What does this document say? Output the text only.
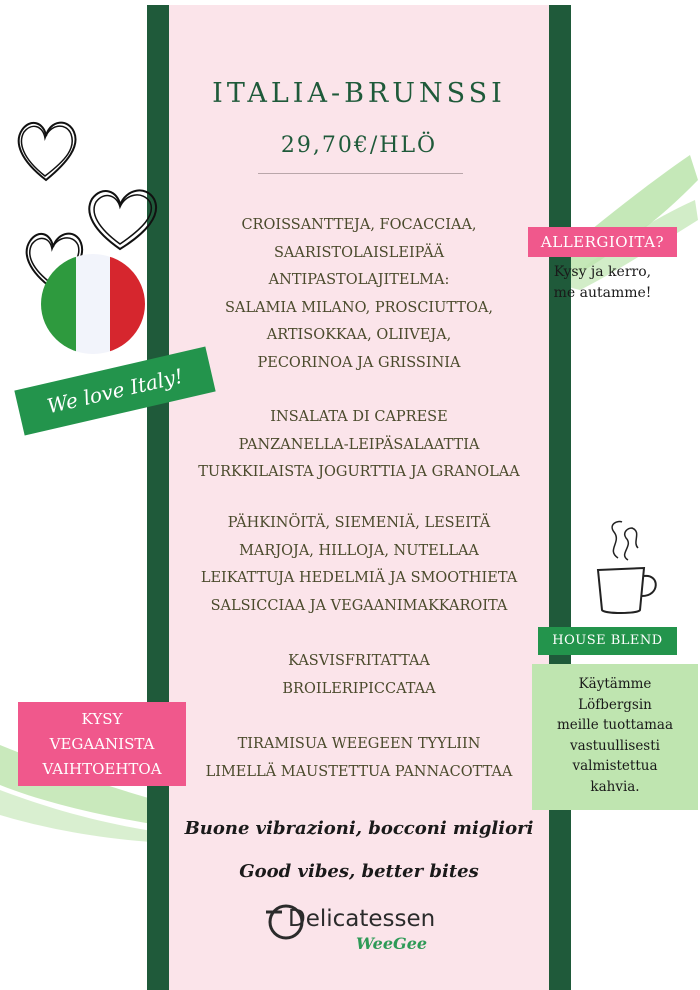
ITALIA-BRUNSSI
29,70€/HLÖ
CROISSANTTEJA, FOCACCIAA,
SAARISTOLAISLEIPÄÄ
ANTIPASTOLAJITELMA:
SALAMIA MILANO, PROSCIUTTOA,
ARTISOKKAA, OLIIVEJA,
PECORINOA JA GRISSINIA
INSALATA DI CAPRESE
PANZANELLA-LEIPÄSALAATTIA
TURKKILAISTA JOGURTTIA JA GRANOLAA
PÄHKINÖITÄ, SIEMENIÄ, LESEITÄ
MARJOJA, HILLOJA, NUTELLAA
LEIKATTUJA HEDELMIÄ JA SMOOTHIETA
SALSICCIAA JA VEGAANIMAKKAROITA
KASVISFRITATTAA
BROILERIPICCATAA
TIRAMISUA WEEGEEN TYYLIIN
LIMELLÄ MAUSTETTUA PANNACOTTAA
Buone vibrazioni, bocconi migliori
Good vibes, better bites
Delicatessen
WeeGee
We love Italy!
ALLERGIOITA?
Kysy ja kerro,
me autamme!
HOUSE BLEND
Käytämme
Löfbergsin
meille tuottamaa
vastuullisesti
valmistettua
kahvia.
KYSY
VEGAANISTA
VAIHTOEHTOA
